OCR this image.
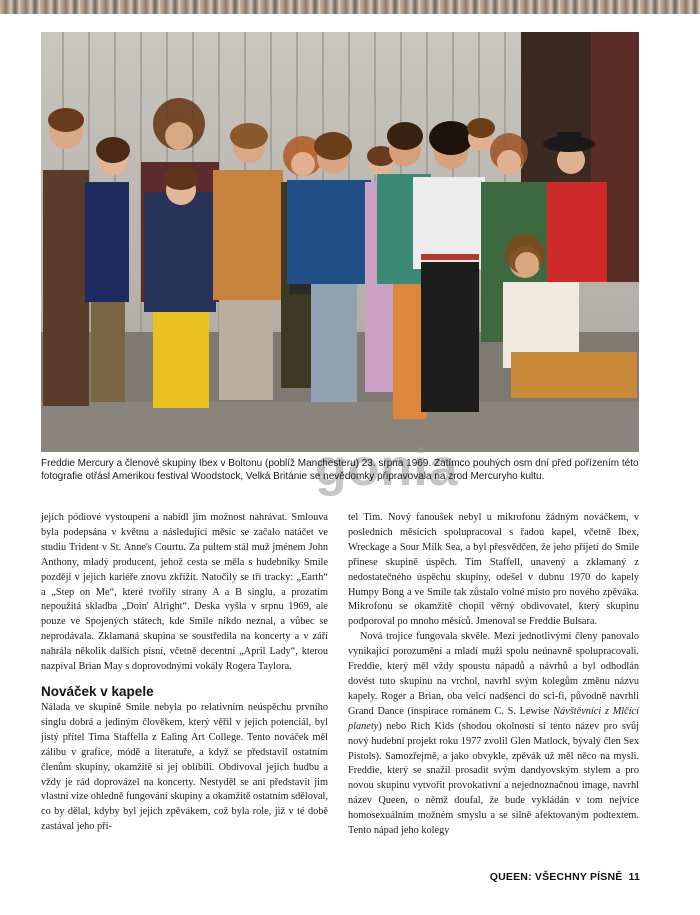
gonia
Freddie Mercury a členové skupiny Ibex v Boltonu (poblíž Manchesteru) 23. srpna 1969. Zatímco pouhých osm dní před pořízením této fotografie otřásl Amerikou festival Woodstock, Velká Británie se nevědomky připravovala na zrod Mercuryho kultu.

jejich pódiové vystoupení a nabídl jim možnost nahrávat. Smlouva byla podepsána v květnu a následující měsíc se začalo natáčet ve studiu Trident v St. Anne's Courtu. Za pultem stál muž jménem John Anthony, mladý producent, jehož cesta se měla s hudebníky Smile později v jejich kariéře znovu zkřížit. Natočily se tři tracky: „Earth“ a „Step on Me“, které tvořily strany A a B singlu, a prozatím nepoužitá skladba „Doin' Alright“. Deska vyšla v srpnu 1969, ale pouze ve Spojených státech, kde Smile nikdo neznal, a vůbec se neprodávala. Zklamaná skupina se soustředila na koncerty a v září nahrála několik dalších písní, včetně decentní „April Lady“, kterou nazpíval Brian May s doprovodnými vokály Rogera Taylora.

Nováček v kapele

Nálada ve skupině Smile nebyla po relativním neúspěchu prvního singlu dobrá a jediným člověkem, který věřil v jejich potenciál, byl jistý přítel Tima Staffella z Ealing Art College. Tento nováček měl zálibu v grafice, módě a literatuře, a když se představil ostatním členům skupiny, okamžitě si jej oblíbili. Obdivoval jejich hudbu a vždy je rád doprovázel na koncerty. Nestyděl se ani představit jim vlastní vize ohledně fungování skupiny a okamžitě ostatním sděloval, co by dělal, kdyby byl jejich zpěvákem, což byla role, již v té době zastával jeho pří-

tel Tim. Nový fanoušek nebyl u mikrofonu žádným nováčkem, v posledních měsících spolupracoval s řadou kapel, včetně Ibex, Wreckage a Sour Milk Sea, a byl přesvědčen, že jeho příjetí do Smile přinese skupině úspěch. Tim Staffell, unavený a zklamaný z nedostatečného úspěchu skupiny, odešel v dubnu 1970 do kapely Humpy Bong a ve Smile tak zůstalo volné místo pro nového zpěváka. Mikrofonu se okamžitě chopil věrný obdivovatel, který skupinu podporoval po mnoho měsíců. Jmenoval se Freddie Bulsara.

Nová trojice fungovala skvěle. Mezi jednotlivými členy panovalo vynikající porozumění a mladí muži spolu neúnavně spolupracovali. Freddie, který měl vždy spoustu nápadů a návrhů a byl odhodlán dovést tuto skupinu na vrchol, navrhl svým kolegům změnu názvu kapely. Roger a Brian, oba velcí nadšenci do sci-fi, původně navrhli Grand Dance (inspirace románem C. S. Lewise Návštěvníci z Mlčící planety) nebo Rich Kids (shodou okolností si tento název pro svůj nový hudební projekt roku 1977 zvolil Glen Matlock, bývalý člen Sex Pistols). Samozřejmě, a jako obvykle, zpěvák už měl něco na mysli. Freddie, který se snažil prosadit svým dandyovským stylem a pro novou skupinu vytvořit provokativní a nejednoznačnou image, navrhl název Queen, o němž doufal, že bude vykládán v tom nejvíce homosexuálním možném smyslu a se silně afektovaným podtextem. Tento nápad jeho kolegy

QUEEN: VŠECHNY PÍSNĚ 11
